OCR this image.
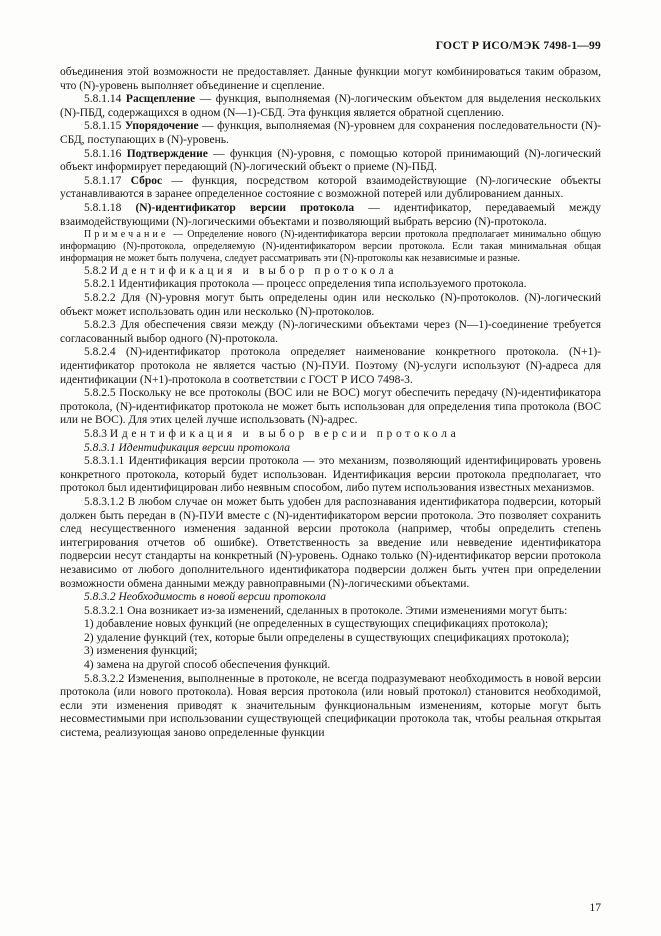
ГОСТ Р ИСО/МЭК 7498-1—99

объединения этой возможности не предоставляет. Данные функции могут комбинироваться таким образом, что (N)-уровень выполняет объединение и сцепление.

5.8.1.14 Расщепление — функция, выполняемая (N)-логическим объектом для выделения нескольких (N)-ПБД, содержащихся в одном (N—1)-СБД. Эта функция является обратной сцеплению.

5.8.1.15 Упорядочение — функция, выполняемая (N)-уровнем для сохранения последовательности (N)-СБД, поступающих в (N)-уровень.

5.8.1.16 Подтверждение — функция (N)-уровня, с помощью которой принимающий (N)-логический объект информирует передающий (N)-логический объект о приеме (N)-ПБД.

5.8.1.17 Сброс — функция, посредством которой взаимодействующие (N)-логические объекты устанавливаются в заранее определенное состояние с возможной потерей или дублированием данных.

5.8.1.18 (N)-идентификатор версии протокола — идентификатор, передаваемый между взаимодействующими (N)-логическими объектами и позволяющий выбрать версию (N)-протокола.

Примечание — Определение нового (N)-идентификатора версии протокола предполагает минимально общую информацию (N)-протокола, определяемую (N)-идентификатором версии протокола. Если такая минимальная общая информация не может быть получена, следует рассматривать эти (N)-протоколы как независимые и разные.

5.8.2 Идентификация и выбор протокола

5.8.2.1 Идентификация протокола — процесс определения типа используемого протокола.

5.8.2.2 Для (N)-уровня могут быть определены один или несколько (N)-протоколов. (N)-логический объект может использовать один или несколько (N)-протоколов.

5.8.2.3 Для обеспечения связи между (N)-логическими объектами через (N—1)-соединение требуется согласованный выбор одного (N)-протокола.

5.8.2.4 (N)-идентификатор протокола определяет наименование конкретного протокола. (N+1)-идентификатор протокола не является частью (N)-ПУИ. Поэтому (N)-услуги используют (N)-адреса для идентификации (N+1)-протокола в соответствии с ГОСТ Р ИСО 7498-3.

5.8.2.5 Поскольку не все протоколы (ВОС или не ВОС) могут обеспечить передачу (N)-идентификатора протокола, (N)-идентификатор протокола не может быть использован для определения типа протокола (ВОС или не ВОС). Для этих целей лучше использовать (N)-адрес.

5.8.3 Идентификация и выбор версии протокола

5.8.3.1 Идентификация версии протокола

5.8.3.1.1 Идентификация версии протокола — это механизм, позволяющий идентифицировать уровень конкретного протокола, который будет использован. Идентификация версии протокола предполагает, что протокол был идентифицирован либо неявным способом, либо путем использования известных механизмов.

5.8.3.1.2 В любом случае он может быть удобен для распознавания идентификатора подверсии, который должен быть передан в (N)-ПУИ вместе с (N)-идентификатором версии протокола. Это позволяет сохранить след несущественного изменения заданной версии протокола (например, чтобы определить степень интегрирования отчетов об ошибке). Ответственность за введение или невведение идентификатора подверсии несут стандарты на конкретный (N)-уровень. Однако только (N)-идентификатор версии протокола независимо от любого дополнительного идентификатора подверсии должен быть учтен при определении возможности обмена данными между равноправными (N)-логическими объектами.

5.8.3.2 Необходимость в новой версии протокола

5.8.3.2.1 Она возникает из-за изменений, сделанных в протоколе. Этими изменениями могут быть:

1) добавление новых функций (не определенных в существующих спецификациях протокола);

2) удаление функций (тех, которые были определены в существующих спецификациях протокола);

3) изменения функций;

4) замена на другой способ обеспечения функций.

5.8.3.2.2 Изменения, выполненные в протоколе, не всегда подразумевают необходимость в новой версии протокола (или нового протокола). Новая версия протокола (или новый протокол) становится необходимой, если эти изменения приводят к значительным функциональным изменениям, которые могут быть несовместимыми при использовании существующей спецификации протокола так, чтобы реальная открытая система, реализующая заново определенные функции

17
